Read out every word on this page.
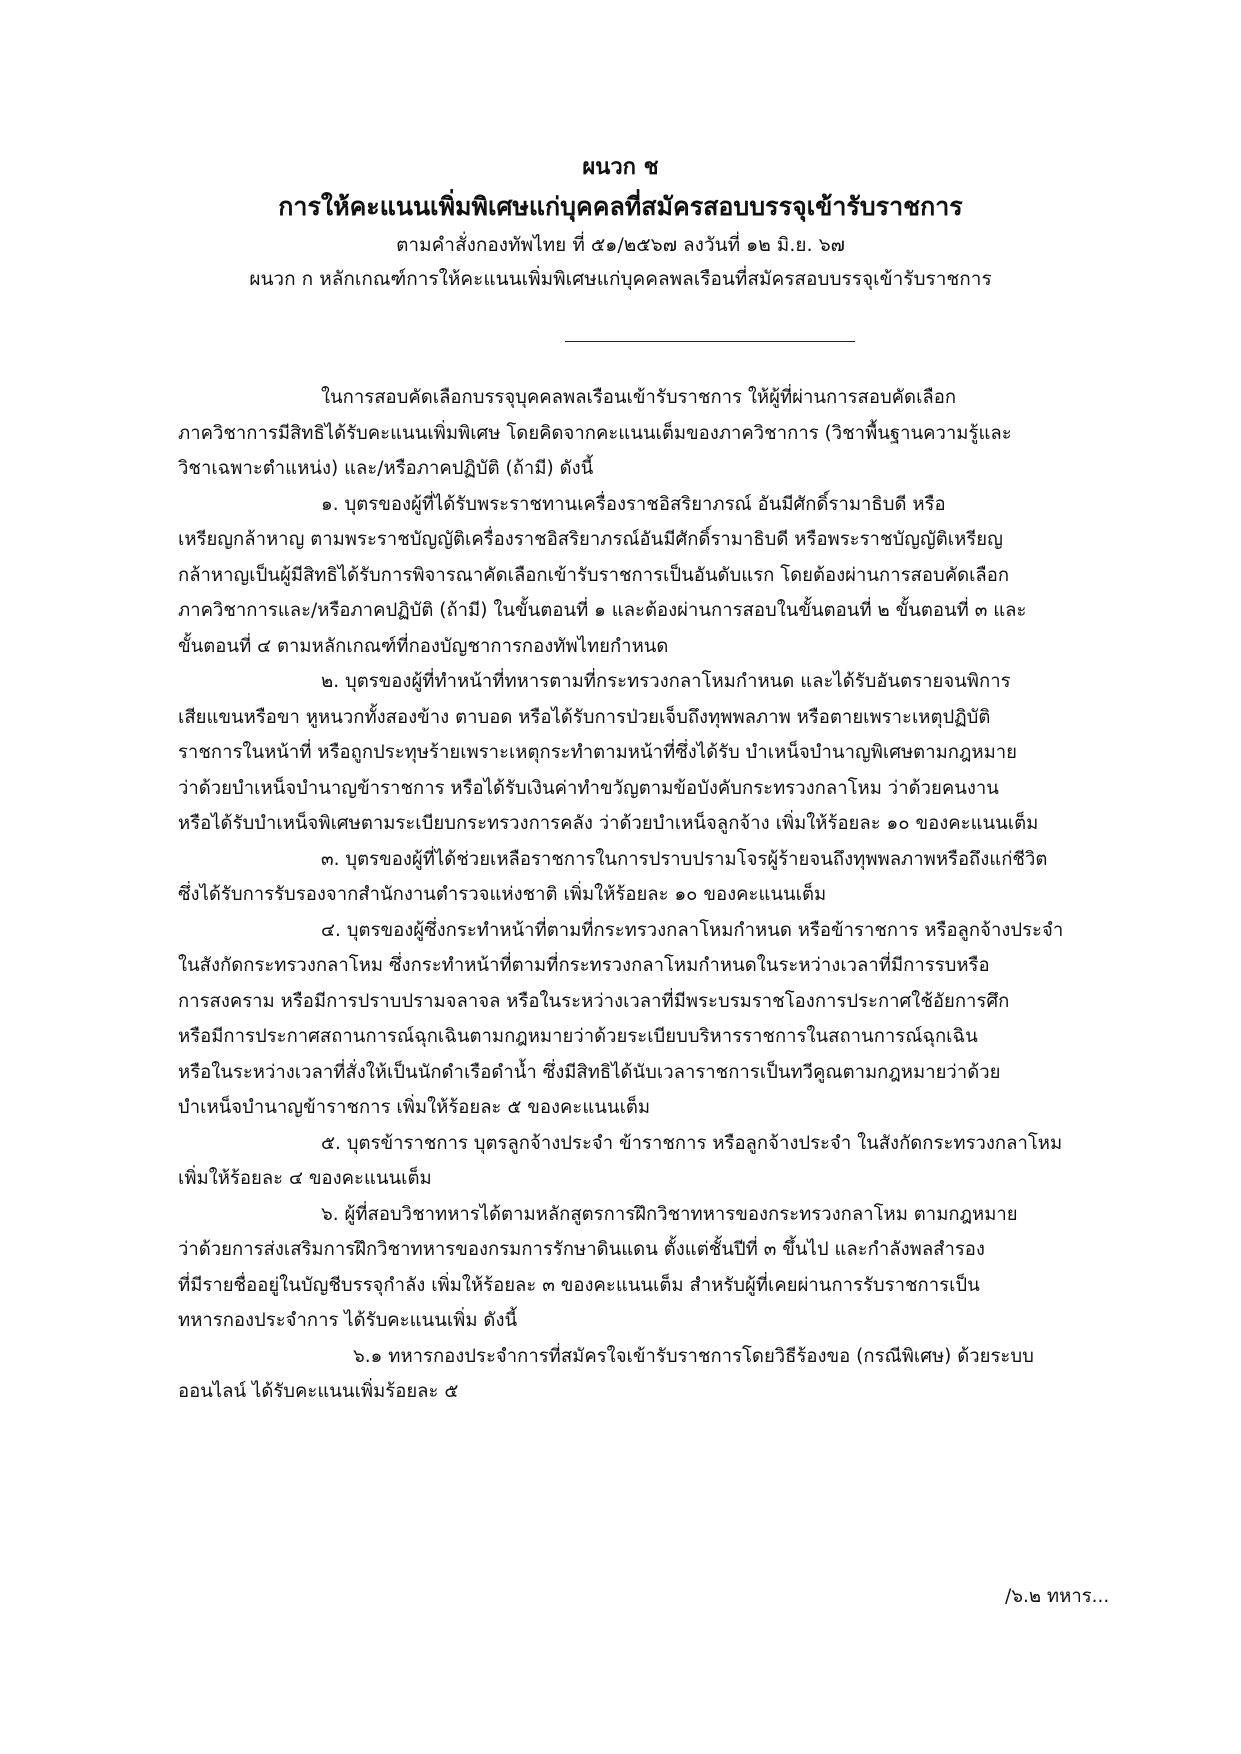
ผนวก ช
การให้คะแนนเพิ่มพิเศษแก่บุคคลที่สมัครสอบบรรจุเข้ารับราชการ
ตามคำสั่งกองทัพไทย ที่ ๕๑/๒๕๖๗ ลงวันที่ ๑๒ มิ.ย. ๖๗
ผนวก ก หลักเกณฑ์การให้คะแนนเพิ่มพิเศษแก่บุคคลพลเรือนที่สมัครสอบบรรจุเข้ารับราชการ

ในการสอบคัดเลือกบรรจุบุคคลพลเรือนเข้ารับราชการ ให้ผู้ที่ผ่านการสอบคัดเลือก
ภาควิชาการมีสิทธิได้รับคะแนนเพิ่มพิเศษ โดยคิดจากคะแนนเต็มของภาควิชาการ (วิชาพื้นฐานความรู้และ
วิชาเฉพาะตำแหน่ง) และ/หรือภาคปฏิบัติ (ถ้ามี) ดังนี้

๑. บุตรของผู้ที่ได้รับพระราชทานเครื่องราชอิสริยาภรณ์ อันมีศักดิ์รามาธิบดี หรือ
เหรียญกล้าหาญ ตามพระราชบัญญัติเครื่องราชอิสริยาภรณ์อันมีศักดิ์รามาธิบดี หรือพระราชบัญญัติเหรียญ
กล้าหาญเป็นผู้มีสิทธิได้รับการพิจารณาคัดเลือกเข้ารับราชการเป็นอันดับแรก โดยต้องผ่านการสอบคัดเลือก
ภาควิชาการและ/หรือภาคปฏิบัติ (ถ้ามี) ในขั้นตอนที่ ๑ และต้องผ่านการสอบในขั้นตอนที่ ๒ ขั้นตอนที่ ๓ และ
ขั้นตอนที่ ๔ ตามหลักเกณฑ์ที่กองบัญชาการกองทัพไทยกำหนด

๒. บุตรของผู้ที่ทำหน้าที่ทหารตามที่กระทรวงกลาโหมกำหนด และได้รับอันตรายจนพิการ
เสียแขนหรือขา หูหนวกทั้งสองข้าง ตาบอด หรือได้รับการป่วยเจ็บถึงทุพพลภาพ หรือตายเพราะเหตุปฏิบัติ
ราชการในหน้าที่ หรือถูกประทุษร้ายเพราะเหตุกระทำตามหน้าที่ซึ่งได้รับ บำเหน็จบำนาญพิเศษตามกฎหมาย
ว่าด้วยบำเหน็จบำนาญข้าราชการ หรือได้รับเงินค่าทำขวัญตามข้อบังคับกระทรวงกลาโหม ว่าด้วยคนงาน
หรือได้รับบำเหน็จพิเศษตามระเบียบกระทรวงการคลัง ว่าด้วยบำเหน็จลูกจ้าง เพิ่มให้ร้อยละ ๑๐ ของคะแนนเต็ม

๓. บุตรของผู้ที่ได้ช่วยเหลือราชการในการปราบปรามโจรผู้ร้ายจนถึงทุพพลภาพหรือถึงแก่ชีวิต
ซึ่งได้รับการรับรองจากสำนักงานตำรวจแห่งชาติ เพิ่มให้ร้อยละ ๑๐ ของคะแนนเต็ม

๔. บุตรของผู้ซึ่งกระทำหน้าที่ตามที่กระทรวงกลาโหมกำหนด หรือข้าราชการ หรือลูกจ้างประจำ
ในสังกัดกระทรวงกลาโหม ซึ่งกระทำหน้าที่ตามที่กระทรวงกลาโหมกำหนดในระหว่างเวลาที่มีการรบหรือ
การสงคราม หรือมีการปราบปรามจลาจล หรือในระหว่างเวลาที่มีพระบรมราชโองการประกาศใช้อัยการศึก
หรือมีการประกาศสถานการณ์ฉุกเฉินตามกฎหมายว่าด้วยระเบียบบริหารราชการในสถานการณ์ฉุกเฉิน
หรือในระหว่างเวลาที่สั่งให้เป็นนักดำเรือดำน้ำ ซึ่งมีสิทธิได้นับเวลาราชการเป็นทวีคูณตามกฎหมายว่าด้วย
บำเหน็จบำนาญข้าราชการ เพิ่มให้ร้อยละ ๕ ของคะแนนเต็ม

๕. บุตรข้าราชการ บุตรลูกจ้างประจำ ข้าราชการ หรือลูกจ้างประจำ ในสังกัดกระทรวงกลาโหม
เพิ่มให้ร้อยละ ๔ ของคะแนนเต็ม

๖. ผู้ที่สอบวิชาทหารได้ตามหลักสูตรการฝึกวิชาทหารของกระทรวงกลาโหม ตามกฎหมาย
ว่าด้วยการส่งเสริมการฝึกวิชาทหารของกรมการรักษาดินแดน ตั้งแต่ชั้นปีที่ ๓ ขึ้นไป และกำลังพลสำรอง
ที่มีรายชื่ออยู่ในบัญชีบรรจุกำลัง เพิ่มให้ร้อยละ ๓ ของคะแนนเต็ม สำหรับผู้ที่เคยผ่านการรับราชการเป็น
ทหารกองประจำการ ได้รับคะแนนเพิ่ม ดังนี้

๖.๑ ทหารกองประจำการที่สมัครใจเข้ารับราชการโดยวิธีร้องขอ (กรณีพิเศษ) ด้วยระบบ
ออนไลน์ ได้รับคะแนนเพิ่มร้อยละ ๕

/๖.๒ ทหาร...
